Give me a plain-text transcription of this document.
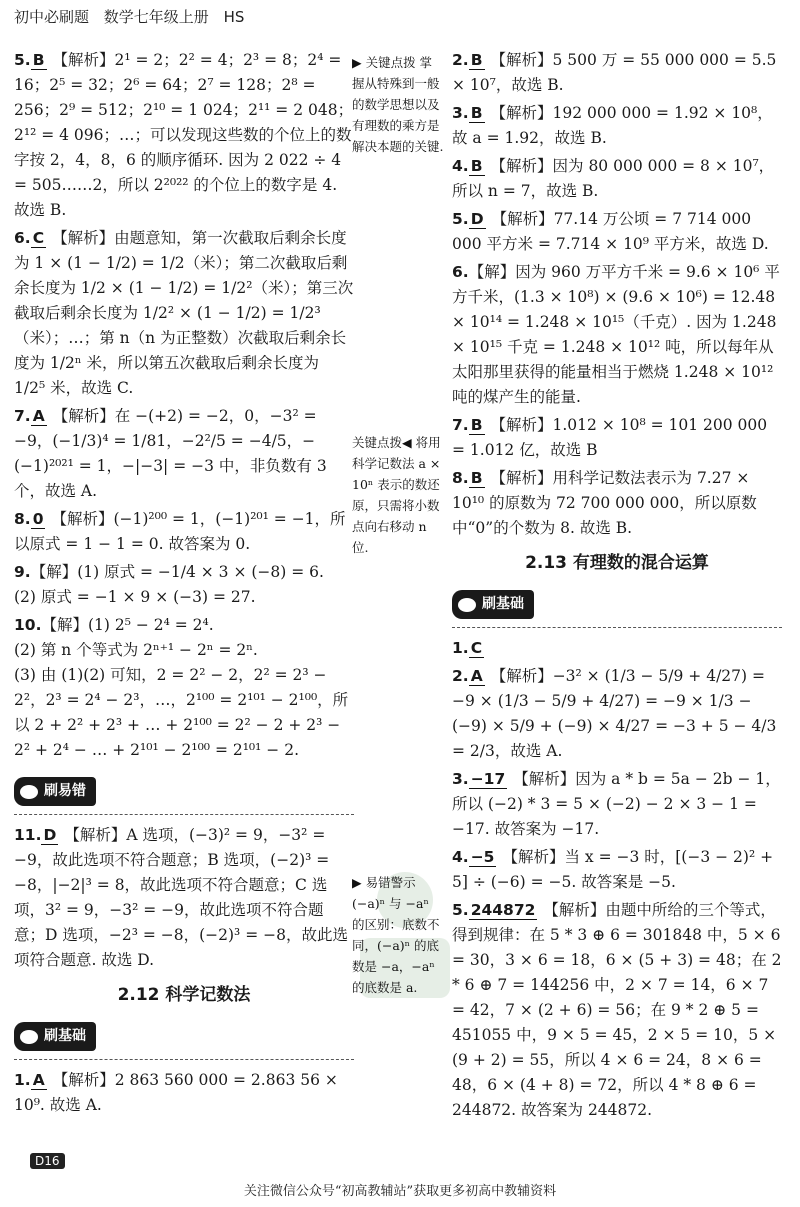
初中必刷题 数学七年级上册 HS
5. B 【解析】2¹ = 2；2² = 4；2³ = 8；2⁴ = 16；2⁵ = 32；2⁶ = 64；2⁷ = 128；2⁸ = 256；2⁹ = 512；2¹⁰ = 1 024；2¹¹ = 2 048；2¹² = 4 096；…；可以发现这些数的个位上的数字按 2，4，8，6 的顺序循环. 因为 2 022 ÷ 4 = 505……2，所以 2²⁰²² 的个位上的数字是 4. 故选 B.
6. C 【解析】由题意知，第一次截取后剩余长度为 1 × (1 − 1/2) = 1/2（米）；第二次截取后剩余长度为 1/2 × (1 − 1/2) = 1/2²（米）；第三次截取后剩余长度为 1/2² × (1 − 1/2) = 1/2³（米）；…；第 n（n 为正整数）次截取后剩余长度为 1/2ⁿ 米，所以第五次截取后剩余长度为 1/2⁵ 米，故选 C.
7. A 【解析】在 −(+2) = −2，0，−3² = −9，(−1/3)⁴ = 1/81，−2²/5 = −4/5，−(−1)²⁰²¹ = 1，−|−3| = −3 中，非负数有 3 个，故选 A.
8. 0 【解析】(−1)²⁰⁰ = 1，(−1)²⁰¹ = −1，所以原式 = 1 − 1 = 0. 故答案为 0.
9.【解】(1) 原式 = −1/4 × 3 × (−8) = 6.
(2) 原式 = −1 × 9 × (−3) = 27.
10.【解】(1) 2⁵ − 2⁴ = 2⁴.
(2) 第 n 个等式为 2ⁿ⁺¹ − 2ⁿ = 2ⁿ.
(3) 由 (1)(2) 可知，2 = 2² − 2，2² = 2³ − 2²，2³ = 2⁴ − 2³，…，2¹⁰⁰ = 2¹⁰¹ − 2¹⁰⁰，所以 2 + 2² + 2³ + … + 2¹⁰⁰ = 2² − 2 + 2³ − 2² + 2⁴ − … + 2¹⁰¹ − 2¹⁰⁰ = 2¹⁰¹ − 2.
刷易错
11. D 【解析】A 选项，(−3)² = 9，−3² = −9，故此选项不符合题意；B 选项，(−2)³ = −8，|−2|³ = 8，故此选项不符合题意；C 选项，3² = 9，−3² = −9，故此选项不符合题意；D 选项，−2³ = −8，(−2)³ = −8，故此选项符合题意. 故选 D.
2.12 科学记数法
刷基础
1. A 【解析】2 863 560 000 = 2.863 56 × 10⁹. 故选 A.
▶ 关键点拨 掌握从特殊到一般的数学思想以及有理数的乘方是解决本题的关键.
关键点拨◀ 将用科学记数法 a × 10ⁿ 表示的数还原，只需将小数点向右移动 n 位.
▶ 易错警示 (−a)ⁿ 与 −aⁿ 的区别：底数不同，(−a)ⁿ 的底数是 −a，−aⁿ 的底数是 a.
2. B 【解析】5 500 万 = 55 000 000 = 5.5 × 10⁷，故选 B.
3. B 【解析】192 000 000 = 1.92 × 10⁸，故 a = 1.92，故选 B.
4. B 【解析】因为 80 000 000 = 8 × 10⁷，所以 n = 7，故选 B.
5. D 【解析】77.14 万公顷 = 7 714 000 000 平方米 = 7.714 × 10⁹ 平方米，故选 D.
6.【解】因为 960 万平方千米 = 9.6 × 10⁶ 平方千米，(1.3 × 10⁸) × (9.6 × 10⁶) = 12.48 × 10¹⁴ = 1.248 × 10¹⁵（千克）. 因为 1.248 × 10¹⁵ 千克 = 1.248 × 10¹² 吨，所以每年从太阳那里获得的能量相当于燃烧 1.248 × 10¹² 吨的煤产生的能量.
7. B 【解析】1.012 × 10⁸ = 101 200 000 = 1.012 亿，故选 B
8. B 【解析】用科学记数法表示为 7.27 × 10¹⁰ 的原数为 72 700 000 000，所以原数中“0”的个数为 8. 故选 B.
2.13 有理数的混合运算
刷基础
1. C
2. A 【解析】−3² × (1/3 − 5/9 + 4/27) = −9 × (1/3 − 5/9 + 4/27) = −9 × 1/3 − (−9) × 5/9 + (−9) × 4/27 = −3 + 5 − 4/3 = 2/3，故选 A.
3. −17 【解析】因为 a * b = 5a − 2b − 1，所以 (−2) * 3 = 5 × (−2) − 2 × 3 − 1 = −17. 故答案为 −17.
4. −5 【解析】当 x = −3 时，[(−3 − 2)² + 5] ÷ (−6) = −5. 故答案是 −5.
5. 244872 【解析】由题中所给的三个等式，得到规律：在 5 * 3 ⊕ 6 = 301848 中，5 × 6 = 30，3 × 6 = 18，6 × (5 + 3) = 48；在 2 * 6 ⊕ 7 = 144256 中，2 × 7 = 14，6 × 7 = 42，7 × (2 + 6) = 56；在 9 * 2 ⊕ 5 = 451055 中，9 × 5 = 45，2 × 5 = 10，5 × (9 + 2) = 55，所以 4 × 6 = 24，8 × 6 = 48，6 × (4 + 8) = 72，所以 4 * 8 ⊕ 6 = 244872. 故答案为 244872.
D16
关注微信公众号“初高教辅站”获取更多初高中教辅资料
